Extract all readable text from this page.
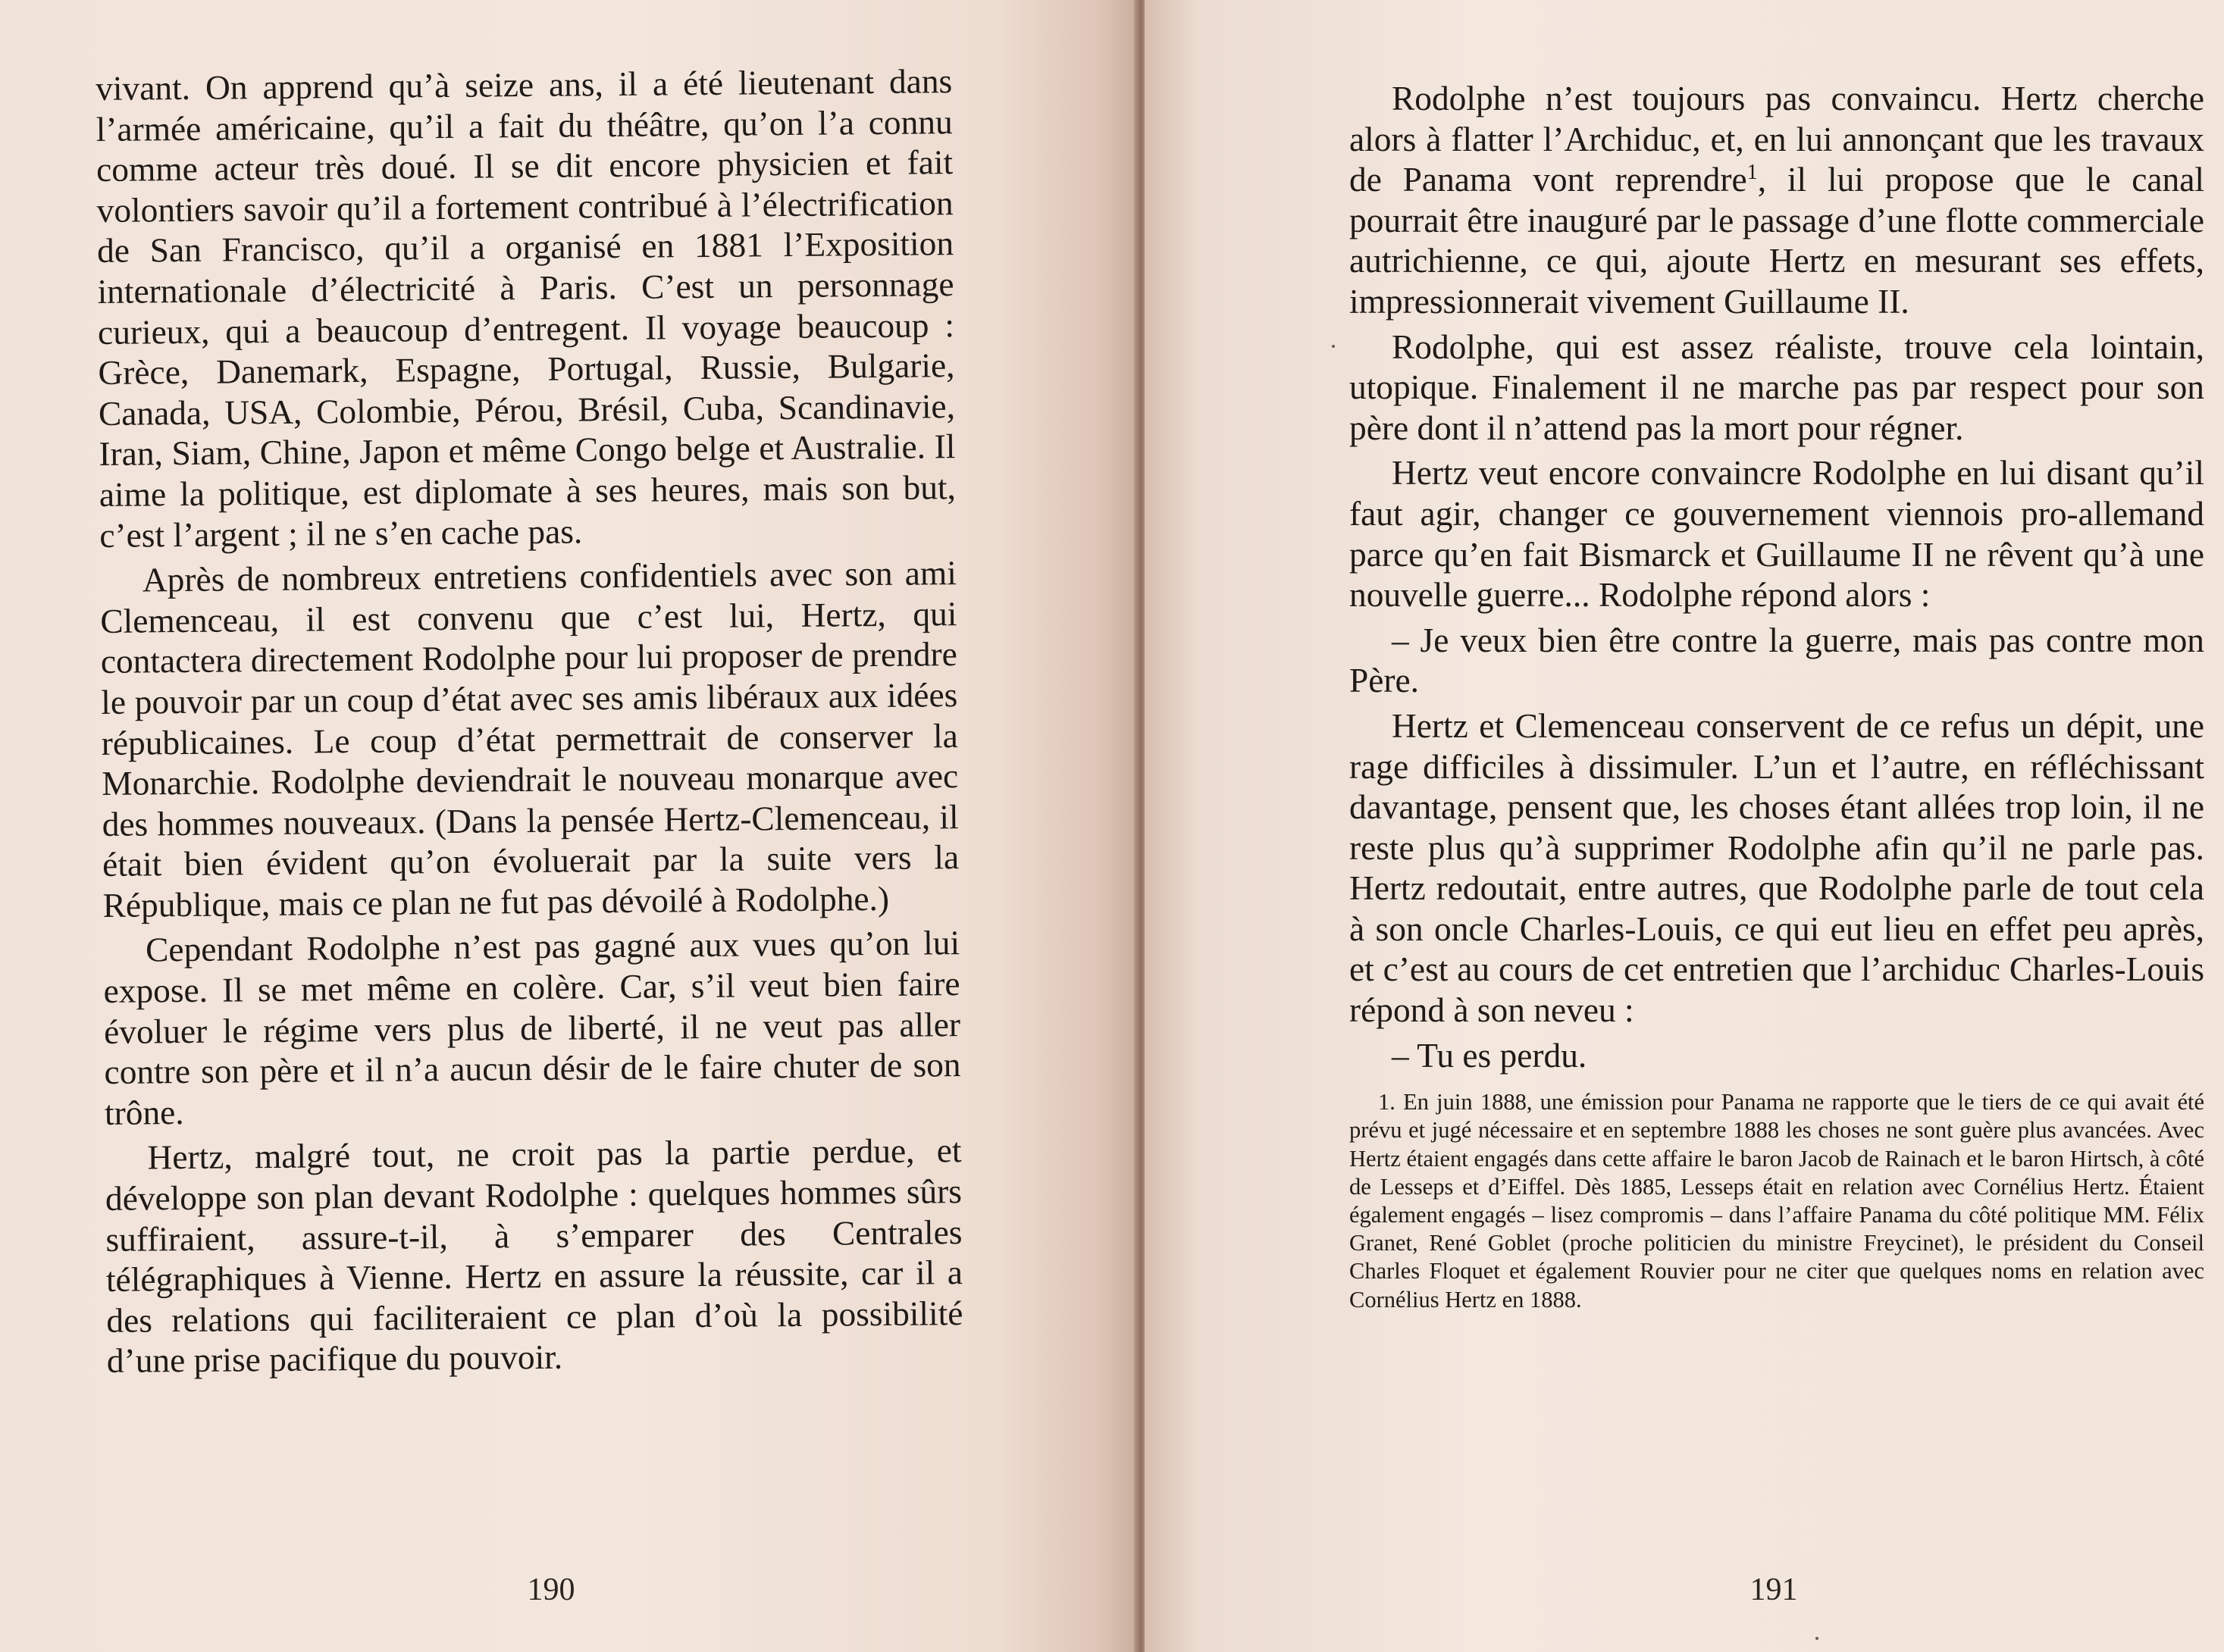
vivant. On apprend qu’à seize ans, il a été lieutenant dans l’armée américaine, qu’il a fait du théâtre, qu’on l’a connu comme acteur très doué. Il se dit encore physicien et fait volontiers savoir qu’il a fortement contribué à l’électrification de San Francisco, qu’il a organisé en 1881 l’Exposition internationale d’électricité à Paris. C’est un personnage curieux, qui a beaucoup d’entregent. Il voyage beaucoup : Grèce, Danemark, Espagne, Portugal, Russie, Bulgarie, Canada, USA, Colombie, Pérou, Brésil, Cuba, Scandinavie, Iran, Siam, Chine, Japon et même Congo belge et Australie. Il aime la politique, est diplomate à ses heures, mais son but, c’est l’argent ; il ne s’en cache pas.

Après de nombreux entretiens confidentiels avec son ami Clemenceau, il est convenu que c’est lui, Hertz, qui contactera directement Rodolphe pour lui proposer de prendre le pouvoir par un coup d’état avec ses amis libéraux aux idées républicaines. Le coup d’état permettrait de conserver la Monarchie. Rodolphe deviendrait le nouveau monarque avec des hommes nouveaux. (Dans la pensée Hertz-Clemenceau, il était bien évident qu’on évoluerait par la suite vers la République, mais ce plan ne fut pas dévoilé à Rodolphe.)

Cependant Rodolphe n’est pas gagné aux vues qu’on lui expose. Il se met même en colère. Car, s’il veut bien faire évoluer le régime vers plus de liberté, il ne veut pas aller contre son père et il n’a aucun désir de le faire chuter de son trône.

Hertz, malgré tout, ne croit pas la partie perdue, et développe son plan devant Rodolphe : quelques hommes sûrs suffiraient, assure-t-il, à s’emparer des Centrales télégraphiques à Vienne. Hertz en assure la réussite, car il a des relations qui faciliteraient ce plan d’où la possibilité d’une prise pacifique du pouvoir.

190

Rodolphe n’est toujours pas convaincu. Hertz cherche alors à flatter l’Archiduc, et, en lui annonçant que les travaux de Panama vont reprendre$^1$, il lui propose que le canal pourrait être inauguré par le passage d’une flotte commerciale autrichienne, ce qui, ajoute Hertz en mesurant ses effets, impressionnerait vivement Guillaume II.

Rodolphe, qui est assez réaliste, trouve cela lointain, utopique. Finalement il ne marche pas par respect pour son père dont il n’attend pas la mort pour régner.

Hertz veut encore convaincre Rodolphe en lui disant qu’il faut agir, changer ce gouvernement viennois pro-allemand parce qu’en fait Bismarck et Guillaume II ne rêvent qu’à une nouvelle guerre... Rodolphe répond alors :

– Je veux bien être contre la guerre, mais pas contre mon Père.

Hertz et Clemenceau conservent de ce refus un dépit, une rage difficiles à dissimuler. L’un et l’autre, en réfléchissant davantage, pensent que, les choses étant allées trop loin, il ne reste plus qu’à supprimer Rodolphe afin qu’il ne parle pas. Hertz redoutait, entre autres, que Rodolphe parle de tout cela à son oncle Charles-Louis, ce qui eut lieu en effet peu après, et c’est au cours de cet entretien que l’archiduc Charles-Louis répond à son neveu :

– Tu es perdu.

1. En juin 1888, une émission pour Panama ne rapporte que le tiers de ce qui avait été prévu et jugé nécessaire et en septembre 1888 les choses ne sont guère plus avancées. Avec Hertz étaient engagés dans cette affaire le baron Jacob de Rainach et le baron Hirtsch, à côté de Lesseps et d’Eiffel. Dès 1885, Lesseps était en relation avec Cornélius Hertz. Étaient également engagés – lisez compromis – dans l’affaire Panama du côté politique MM. Félix Granet, René Goblet (proche politicien du ministre Freycinet), le président du Conseil Charles Floquet et également Rouvier pour ne citer que quelques noms en relation avec Cornélius Hertz en 1888.
191
